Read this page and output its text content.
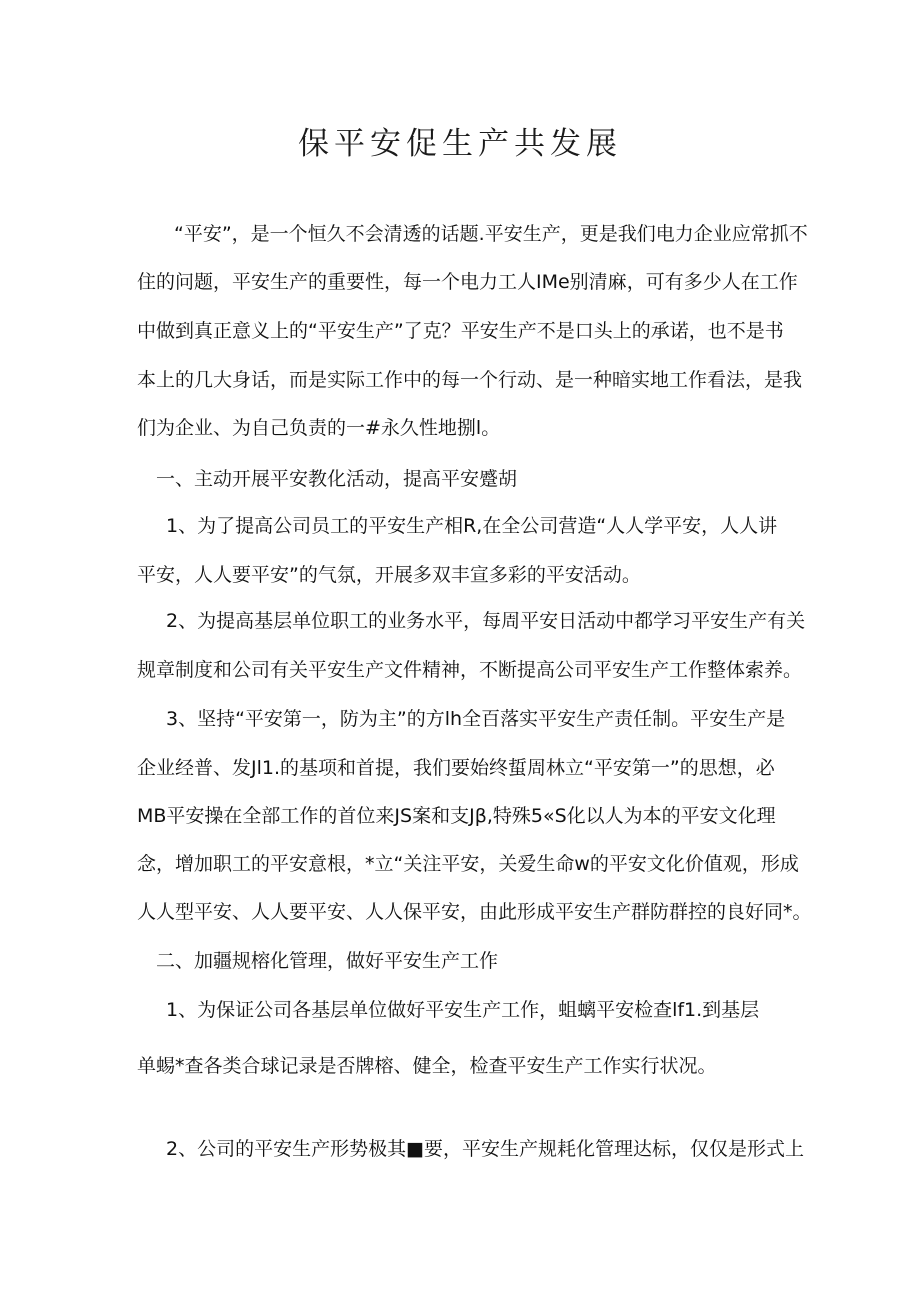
保平安促生产共发展
“平安”，是一个恒久不会清透的话题.平安生产，更是我们电力企业应常抓不
住的问题，平安生产的重要性，每一个电力工人IMe别清麻，可有多少人在工作
中做到真正意义上的“平安生产”了克？平安生产不是口头上的承诺，也不是书
本上的几大身话，而是实际工作中的每一个行动、是一种暗实地工作看法，是我
们为企业、为自己负责的一#永久性地捌l。
一、主动开展平安教化活动，提高平安蹙胡
1、为了提高公司员工的平安生产相R,在全公司营造“人人学平安，人人讲
平安，人人要平安”的气氛，开展多双丰宣多彩的平安活动。
2、为提高基层单位职工的业务水平，每周平安日活动中都学习平安生产有关
规章制度和公司有关平安生产文件精神，不断提高公司平安生产工作整体索养。
3、坚持“平安第一，防为主”的方lh全百落实平安生产责任制。平安生产是
企业经普、发Jl1.的基项和首提，我们要始终蜇周林立“平安第一”的思想，必
MB平安操在全部工作的首位来JS案和支Jβ,特殊5«S化以人为本的平安文化理
念，增加职工的平安意根，*立“关注平安，关爱生命w的平安文化价值观，形成
人人型平安、人人要平安、人人保平安，由此形成平安生产群防群控的良好同*。
二、加疆规榕化管理，做好平安生产工作
1、为保证公司各基层单位做好平安生产工作，蛆螭平安检查lf1.到基层
单蜴*查各类合球记录是否牌榕、健全，检查平安生产工作实行状况。
2、公司的平安生产形势极其■要，平安生产规耗化管理达标，仅仅是形式上
